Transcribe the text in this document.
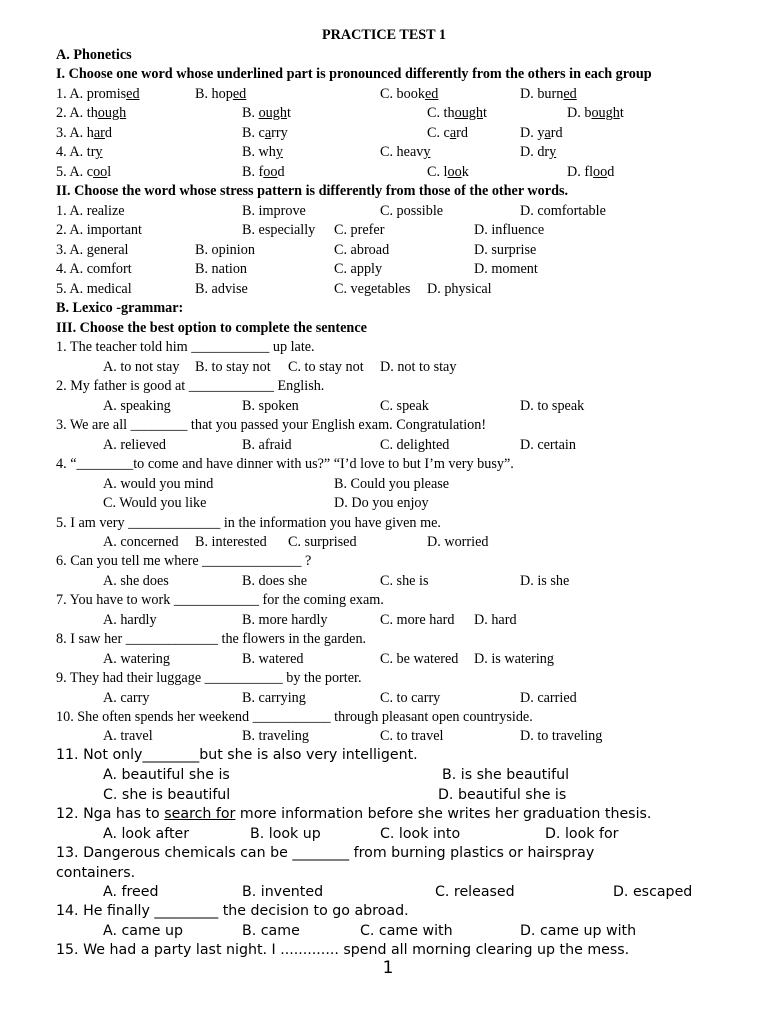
PRACTICE TEST 1
A. Phonetics
I. Choose one word whose underlined part is pronounced differently from the others in each group
1. A. promised	B. hoped	C. booked	D. burned
2. A. though	B. ought	C. thought	D. bought
3. A. hard	B. carry	C. card	D. yard
4. A. try	B. why	C. heavy	D. dry
5. A. cool	B. food	C. look	D. flood
II. Choose the word whose stress pattern is differently from those of the other words.
1. A. realize	B. improve	C. possible	D. comfortable
2. A. important	B. especially C. prefer	D. influence
3. A. general	B. opinion	C. abroad	D. surprise
4. A. comfort	B. nation	C. apply	D. moment
5. A. medical	B. advise	C. vegetables D. physical
B. Lexico -grammar:
III. Choose the best option to complete the sentence
1. The teacher told him ___________ up late.
A. to not stay B. to stay not C. to stay not D. not to stay
2. My father is good at ____________ English.
A. speaking	B. spoken	C. speak	D. to speak
3. We are all ________ that you passed your English exam. Congratulation!
A. relieved	B. afraid	C. delighted	D. certain
4. “________to come and have dinner with us?” “I’d love to but I’m very busy”.
A. would you mind	B. Could you please
C. Would you like	D. Do you enjoy
5. I am very _____________ in the information you have given me.
A. concerned B. interested C. surprised	D. worried
6. Can you tell me where ______________ ?
A. she does	B. does she	C. she is	D. is she
7. You have to work ____________ for the coming exam.
A. hardly	B. more hardly	C. more hard D. hard
8. I saw her _____________ the flowers in the garden.
A. watering	B. watered	C. be watered D. is watering
9. They had their luggage ___________ by the porter.
A. carry	B. carrying	C. to carry	D. carried
10. She often spends her weekend ___________ through pleasant open countryside.
A. travel	B. traveling	C. to travel	D. to traveling
11. Not only________but she is also very intelligent.
A. beautiful she is	B. is she beautiful
C. she is beautiful	D. beautiful she is
12. Nga has to search for more information before she writes her graduation thesis.
A. look after	B. look up	C. look into	D. look for
13. Dangerous chemicals can be ________ from burning plastics or hairspray
containers.
A. freed	B. invented	C. released	D. escaped
14. He finally _________ the decision to go abroad.
A. came up	B. came	C. came with	D. came up with
15. We had a party last night. I ............. spend all morning clearing up the mess.
1
